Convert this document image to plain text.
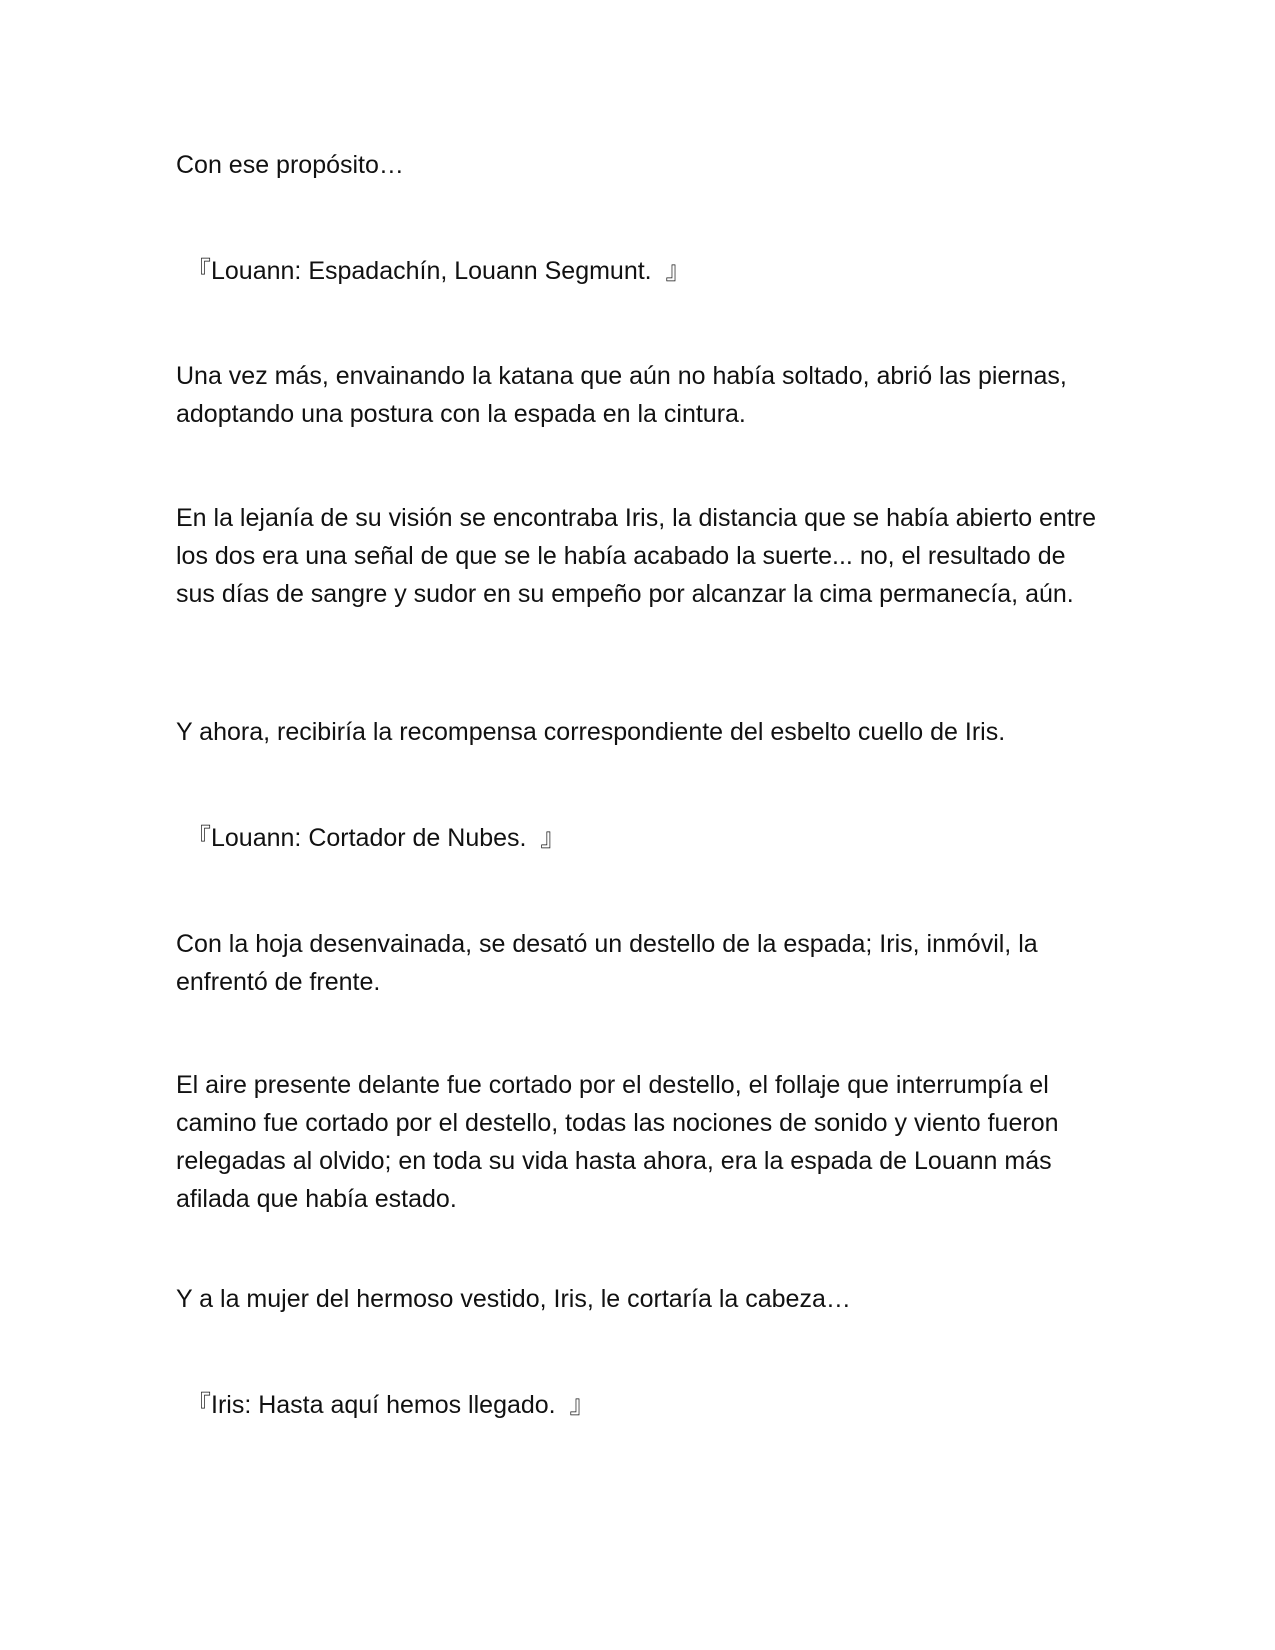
Con ese propósito…

『Louann: Espadachín, Louann Segmunt.  』

Una vez más, envainando la katana que aún no había soltado, abrió las piernas, adoptando una postura con la espada en la cintura.

En la lejanía de su visión se encontraba Iris, la distancia que se había abierto entre los dos era una señal de que se le había acabado la suerte... no, el resultado de sus días de sangre y sudor en su empeño por alcanzar la cima permanecía, aún.

Y ahora, recibiría la recompensa correspondiente del esbelto cuello de Iris.

『Louann: Cortador de Nubes.  』

Con la hoja desenvainada, se desató un destello de la espada; Iris, inmóvil, la enfrentó de frente.

El aire presente delante fue cortado por el destello, el follaje que interrumpía el camino fue cortado por el destello, todas las nociones de sonido y viento fueron relegadas al olvido; en toda su vida hasta ahora, era la espada de Louann más afilada que había estado.

Y a la mujer del hermoso vestido, Iris, le cortaría la cabeza…

『Iris: Hasta aquí hemos llegado.  』
